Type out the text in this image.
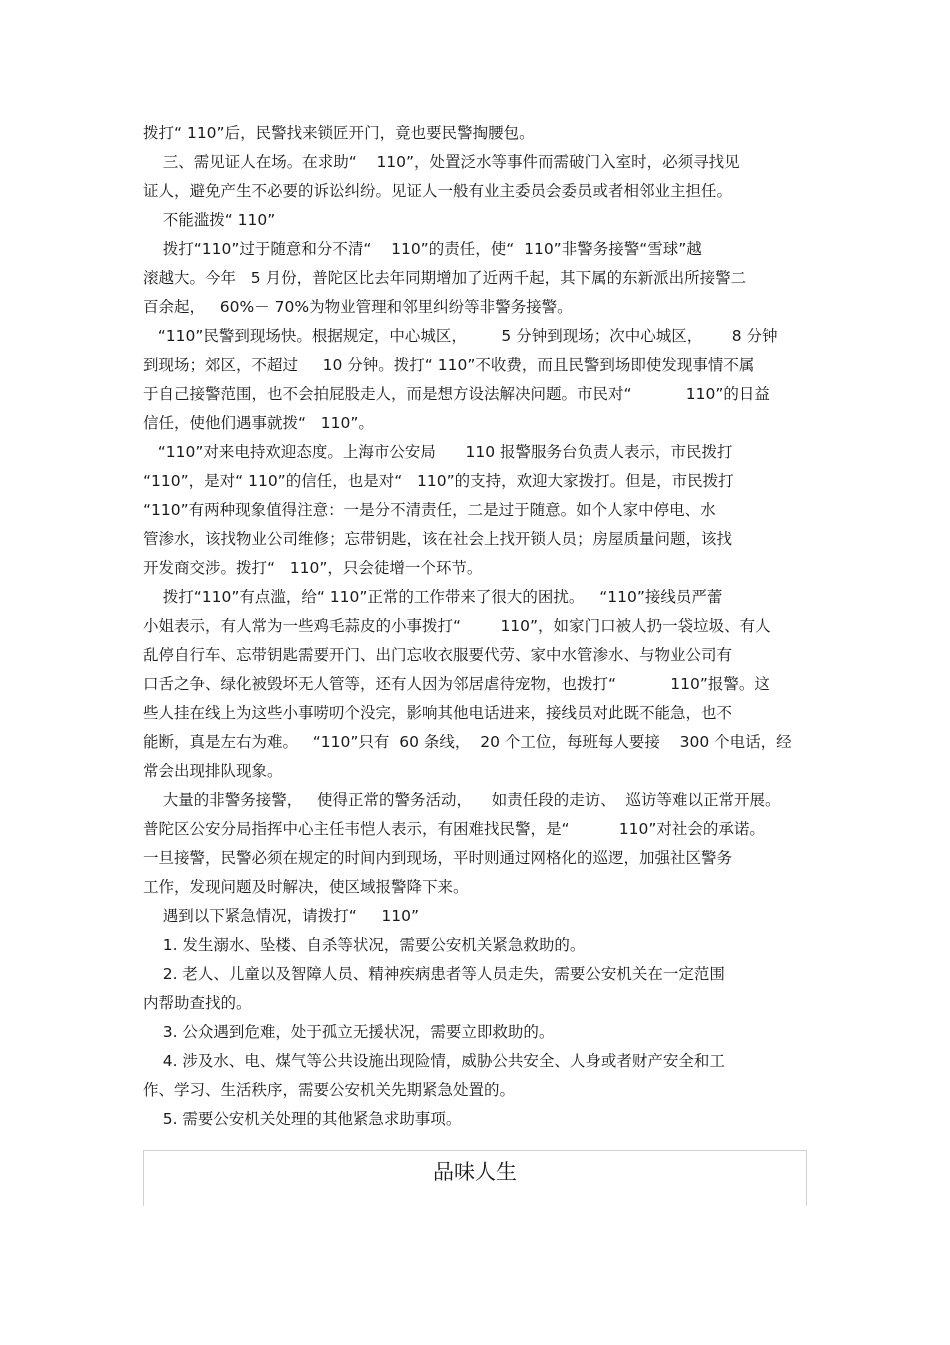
拨打“ 110”后，民警找来锁匠开门，竟也要民警掏腰包。
三、需见证人在场。在求助“    110”，处置泛水等事件而需破门入室时，必须寻找见
证人，避免产生不必要的诉讼纠纷。见证人一般有业主委员会委员或者相邻业主担任。
不能滥拨“ 110”
拨打“110”过于随意和分不清“    110”的责任，使“  110”非警务接警“雪球”越
滚越大。今年   5 月份，普陀区比去年同期增加了近两千起，其下属的东新派出所接警二
百余起，   60%－ 70%为物业管理和邻里纠纷等非警务接警。
“110”民警到现场快。根据规定，中心城区，       5 分钟到现场；次中心城区，      8 分钟
到现场；郊区，不超过     10 分钟。拨打“ 110”不收费，而且民警到场即使发现事情不属
于自己接警范围，也不会拍屁股走人，而是想方设法解决问题。市民对“           110”的日益
信任，使他们遇事就拨“   110”。
“110”对来电持欢迎态度。上海市公安局      110 报警服务台负责人表示，市民拨打
“110”，是对“ 110”的信任，也是对“   110”的支持，欢迎大家拨打。但是，市民拨打
“110”有两种现象值得注意：一是分不清责任，二是过于随意。如个人家中停电、水
管渗水，该找物业公司维修；忘带钥匙，该在社会上找开锁人员；房屋质量问题，该找
开发商交涉。拨打“   110”，只会徒增一个环节。
拨打“110”有点滥，给“ 110”正常的工作带来了很大的困扰。   “110”接线员严蕾
小姐表示，有人常为一些鸡毛蒜皮的小事拨打“        110”，如家门口被人扔一袋垃圾、有人
乱停自行车、忘带钥匙需要开门、出门忘收衣服要代劳、家中水管渗水、与物业公司有
口舌之争、绿化被毁坏无人管等，还有人因为邻居虐待宠物，也拨打“           110”报警。这
些人挂在线上为这些小事唠叨个没完，影响其他电话进来，接线员对此既不能急，也不
能断，真是左右为难。   “110”只有  60 条线，  20 个工位，每班每人要接    300 个电话，经
常会出现排队现象。
大量的非警务接警，   使得正常的警务活动，    如责任段的走访、  巡访等难以正常开展。
普陀区公安分局指挥中心主任韦恺人表示，有困难找民警，是“          110”对社会的承诺。
一旦接警，民警必须在规定的时间内到现场，平时则通过网格化的巡逻，加强社区警务
工作，发现问题及时解决，使区域报警降下来。
遇到以下紧急情况，请拨打“     110”
1. 发生溺水、坠楼、自杀等状况，需要公安机关紧急救助的。
2. 老人、儿童以及智障人员、精神疾病患者等人员走失，需要公安机关在一定范围
内帮助查找的。
3. 公众遇到危难，处于孤立无援状况，需要立即救助的。
4. 涉及水、电、煤气等公共设施出现险情，威胁公共安全、人身或者财产安全和工
作、学习、生活秩序，需要公安机关先期紧急处置的。
5. 需要公安机关处理的其他紧急求助事项。
品味人生
